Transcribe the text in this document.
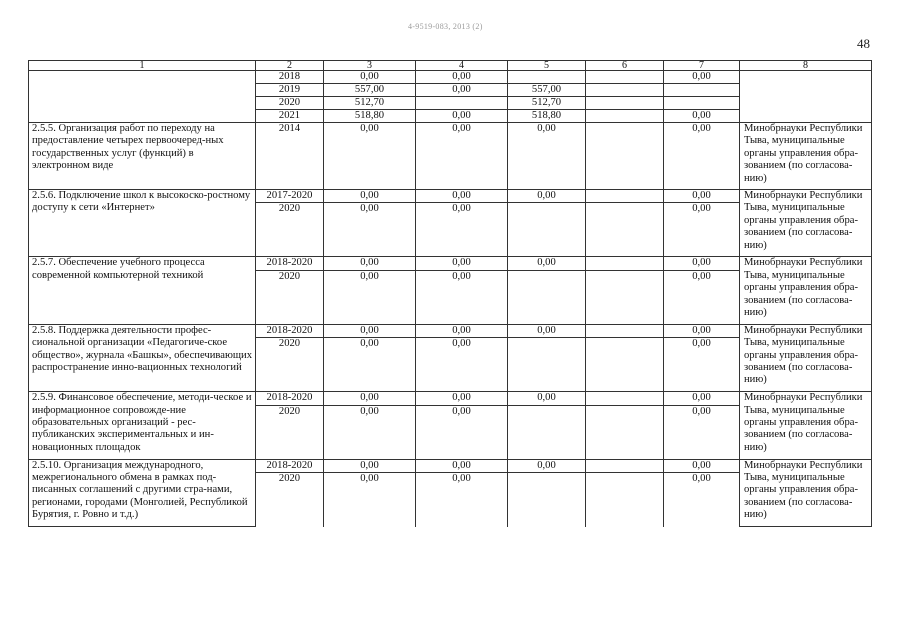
4-9519-083, 2013 (2)
48
1	2	3	4	5	6	7	8
	2018	0,00	0,00			0,00	
	2019	557,00	0,00	557,00			
	2020	512,70		512,70			
	2021	518,80	0,00	518,80		0,00	
2.5.5. Организация работ по переходу на предоставление четырех первоочеред-ных государственных услуг (функций) в электронном виде	2014	0,00	0,00	0,00		0,00	Минобрнауки Республики Тыва, муниципальные органы управления обра-зованием (по согласова-нию)
2.5.6. Подключение школ к высокоско-ростному доступу к сети «Интернет»	2017-2020	0,00	0,00	0,00		0,00	Минобрнауки Республики Тыва, муниципальные органы управления обра-зованием (по согласова-нию)
	2020	0,00	0,00			0,00	
2.5.7. Обеспечение учебного процесса современной компьютерной техникой	2018-2020	0,00	0,00	0,00		0,00	Минобрнауки Республики Тыва, муниципальные органы управления обра-зованием (по согласова-нию)
	2020	0,00	0,00			0,00	
2.5.8. Поддержка деятельности профес-сиональной организации «Педагогиче-ское общество», журнала «Башкы», обеспечивающих распространение инно-вационных технологий	2018-2020	0,00	0,00	0,00		0,00	Минобрнауки Республики Тыва, муниципальные органы управления обра-зованием (по согласова-нию)
	2020	0,00	0,00			0,00	
2.5.9. Финансовое обеспечение, методи-ческое и информационное сопровожде-ние образовательных организаций - рес-публиканских экспериментальных и ин-новационных площадок	2018-2020	0,00	0,00	0,00		0,00	Минобрнауки Республики Тыва, муниципальные органы управления обра-зованием (по согласова-нию)
	2020	0,00	0,00			0,00	
2.5.10. Организация международного, межрегионального обмена в рамках под-писанных соглашений с другими стра-нами, регионами, городами (Монголией, Республикой Бурятия, г. Ровно и т.д.)	2018-2020	0,00	0,00	0,00		0,00	Минобрнауки Республики Тыва, муниципальные органы управления обра-зованием (по согласова-нию)
	2020	0,00	0,00			0,00	
